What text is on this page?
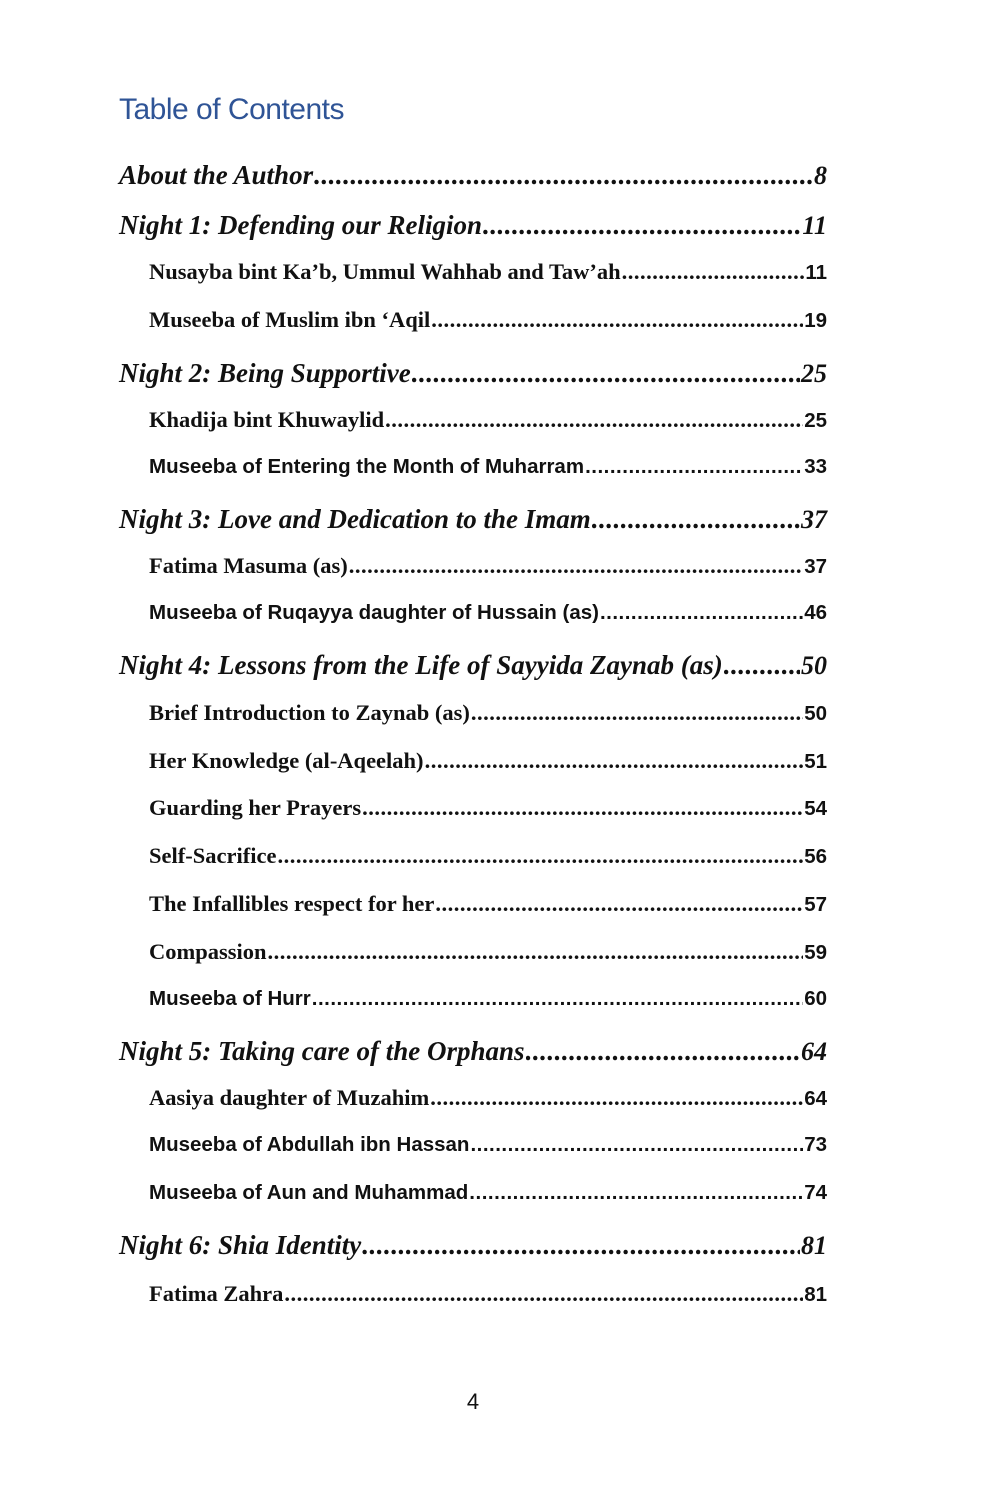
Table of Contents
About the Author .....	8
Night 1: Defending our Religion .....	11
Nusayba bint Ka’b, Ummul Wahhab and Taw’ah .....	11
Museeba of Muslim ibn ‘Aqil .....	19
Night 2: Being Supportive .....	25
Khadija bint Khuwaylid .....	25
Museeba of Entering the Month of Muharram .....	33
Night 3: Love and Dedication to the Imam .....	37
Fatima Masuma (as) .....	37
Museeba of Ruqayya daughter of Hussain (as) .....	46
Night 4: Lessons from the Life of Sayyida Zaynab (as) .....	50
Brief Introduction to Zaynab (as) .....	50
Her Knowledge (al-Aqeelah) .....	51
Guarding her Prayers .....	54
Self-Sacrifice .....	56
The Infallibles respect for her .....	57
Compassion .....	59
Museeba of Hurr .....	60
Night 5: Taking care of the Orphans .....	64
Aasiya daughter of Muzahim .....	64
Museeba of Abdullah ibn Hassan .....	73
Museeba of Aun and Muhammad .....	74
Night 6: Shia Identity .....	81
Fatima Zahra .....	81
4
